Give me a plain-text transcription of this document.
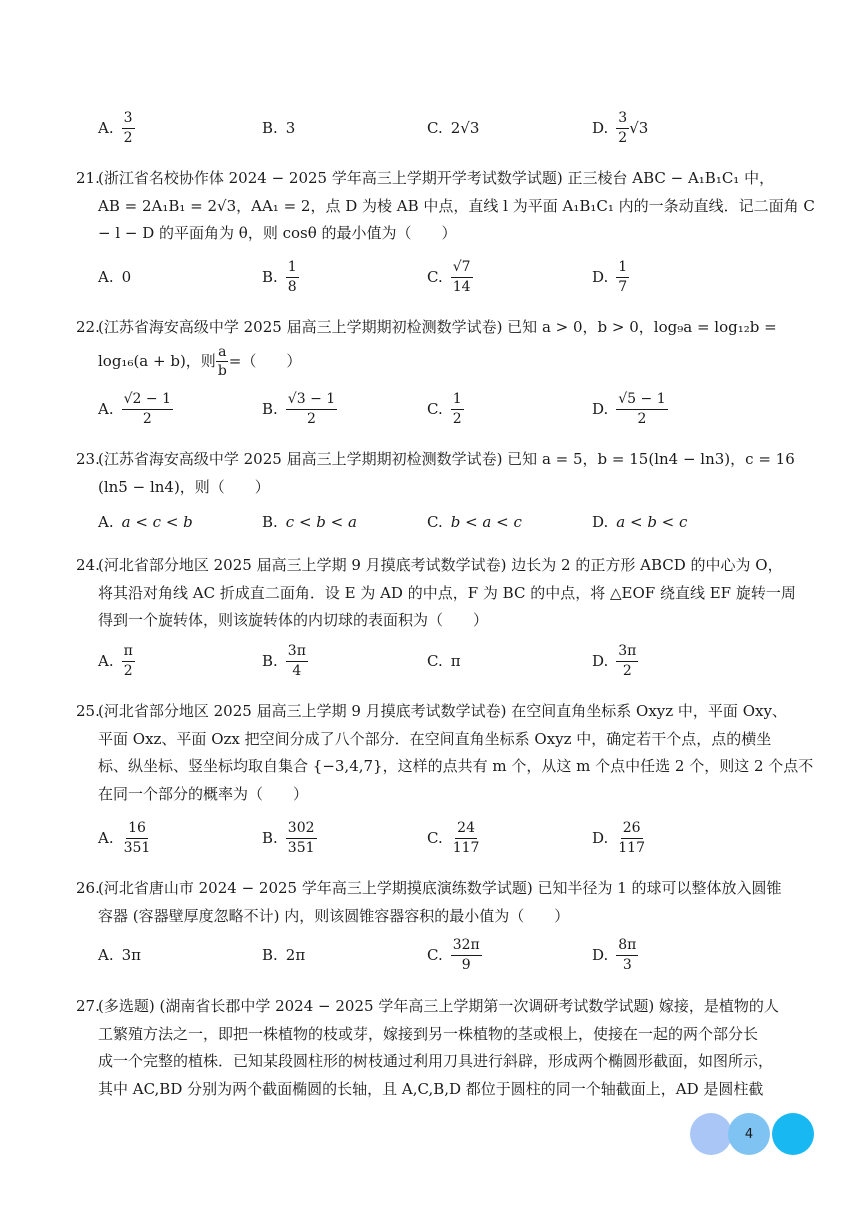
A. $\frac{3}{2}$	B. 3	C. 2√3	D. $\frac{3}{2} √3$
21.(浙江省名校协作体 2024 − 2025 学年高三上学期开学考试数学试题) 正三棱台 ABC − A₁B₁C₁ 中，
AB = 2A₁B₁ = 2√3，AA₁ = 2，点 D 为棱 AB 中点，直线 l 为平面 A₁B₁C₁ 内的一条动直线．记二面角 C
− l − D 的平面角为 θ，则 cosθ 的最小值为（　　）
A. 0	B. $\frac{1}{8}$	C. $\frac{√7}{14}$	D. $\frac{1}{7}$
22.(江苏省海安高级中学 2025 届高三上学期期初检测数学试卷) 已知 a > 0，b > 0，log₉a = log₁₂b =
log₁₆(a + b)，则 $\frac{a}{b}$ =（　　）
A. $\frac{√2 - 1}{2}$	B. $\frac{√3 - 1}{2}$	C. $\frac{1}{2}$	D. $\frac{√5 - 1}{2}$
23.(江苏省海安高级中学 2025 届高三上学期期初检测数学试卷) 已知 a = 5，b = 15(ln4 − ln3)，c = 16
(ln5 − ln4)，则（　　）
A. a < c < b	B. c < b < a	C. b < a < c	D. a < b < c
24.(河北省部分地区 2025 届高三上学期 9 月摸底考试数学试卷) 边长为 2 的正方形 ABCD 的中心为 O，
将其沿对角线 AC 折成直二面角．设 E 为 AD 的中点，F 为 BC 的中点，将 △EOF 绕直线 EF 旋转一周
得到一个旋转体，则该旋转体的内切球的表面积为（　　）
A. $\frac{\pi}{2}$	B. $\frac{3\pi}{4}$	C. π	D. $\frac{3\pi}{2}$
25.(河北省部分地区 2025 届高三上学期 9 月摸底考试数学试卷) 在空间直角坐标系 Oxyz 中，平面 Oxy、
平面 Oxz、平面 Ozx 把空间分成了八个部分．在空间直角坐标系 Oxyz 中，确定若干个点，点的横坐
标、纵坐标、竖坐标均取自集合 {−3,4,7}，这样的点共有 m 个，从这 m 个点中任选 2 个，则这 2 个点不
在同一个部分的概率为（　　）
A. $\frac{16}{351}$	B. $\frac{302}{351}$	C. $\frac{24}{117}$	D. $\frac{26}{117}$
26.(河北省唐山市 2024 − 2025 学年高三上学期摸底演练数学试题) 已知半径为 1 的球可以整体放入圆锥
容器 (容器壁厚度忽略不计) 内，则该圆锥容器容积的最小值为（　　）
A. 3π	B. 2π	C. $\frac{32\pi}{9}$	D. $\frac{8\pi}{3}$
27.(多选题) (湖南省长郡中学 2024 − 2025 学年高三上学期第一次调研考试数学试题) 嫁接，是植物的人
工繁殖方法之一，即把一株植物的枝或芽，嫁接到另一株植物的茎或根上，使接在一起的两个部分长
成一个完整的植株．已知某段圆柱形的树枝通过利用刀具进行斜辟，形成两个椭圆形截面，如图所示，
其中 AC,BD 分别为两个截面椭圆的长轴，且 A,C,B,D 都位于圆柱的同一个轴截面上，AD 是圆柱截
4
